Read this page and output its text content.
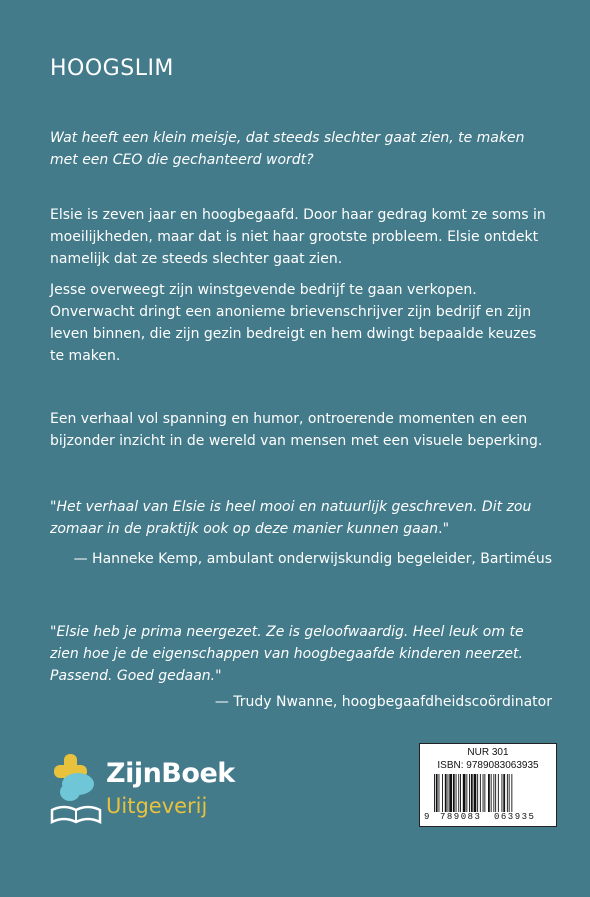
HOOGSLIM
Wat heeft een klein meisje, dat steeds slechter gaat zien, te maken met een CEO die gechanteerd wordt?
Elsie is zeven jaar en hoogbegaafd. Door haar gedrag komt ze soms in moeilijkheden, maar dat is niet haar grootste probleem. Elsie ontdekt namelijk dat ze steeds slechter gaat zien.
Jesse overweegt zijn winstgevende bedrijf te gaan verkopen. Onverwacht dringt een anonieme brievenschrijver zijn bedrijf en zijn leven binnen, die zijn gezin bedreigt en hem dwingt bepaalde keuzes te maken.
Een verhaal vol spanning en humor, ontroerende momenten en een bijzonder inzicht in de wereld van mensen met een visuele beperking.
"Het verhaal van Elsie is heel mooi en natuurlijk geschreven. Dit zou zomaar in de praktijk ook op deze manier kunnen gaan."
— Hanneke Kemp, ambulant onderwijskundig begeleider, Bartiméus
"Elsie heb je prima neergezet. Ze is geloofwaardig. Heel leuk om te zien hoe je de eigenschappen van hoogbegaafde kinderen neerzet. Passend. Goed gedaan."
— Trudy Nwanne, hoogbegaafdheidscoördinator
ZijnBoek
Uitgeverij
NUR 301
ISBN: 9789083063935
9 789083 063935
